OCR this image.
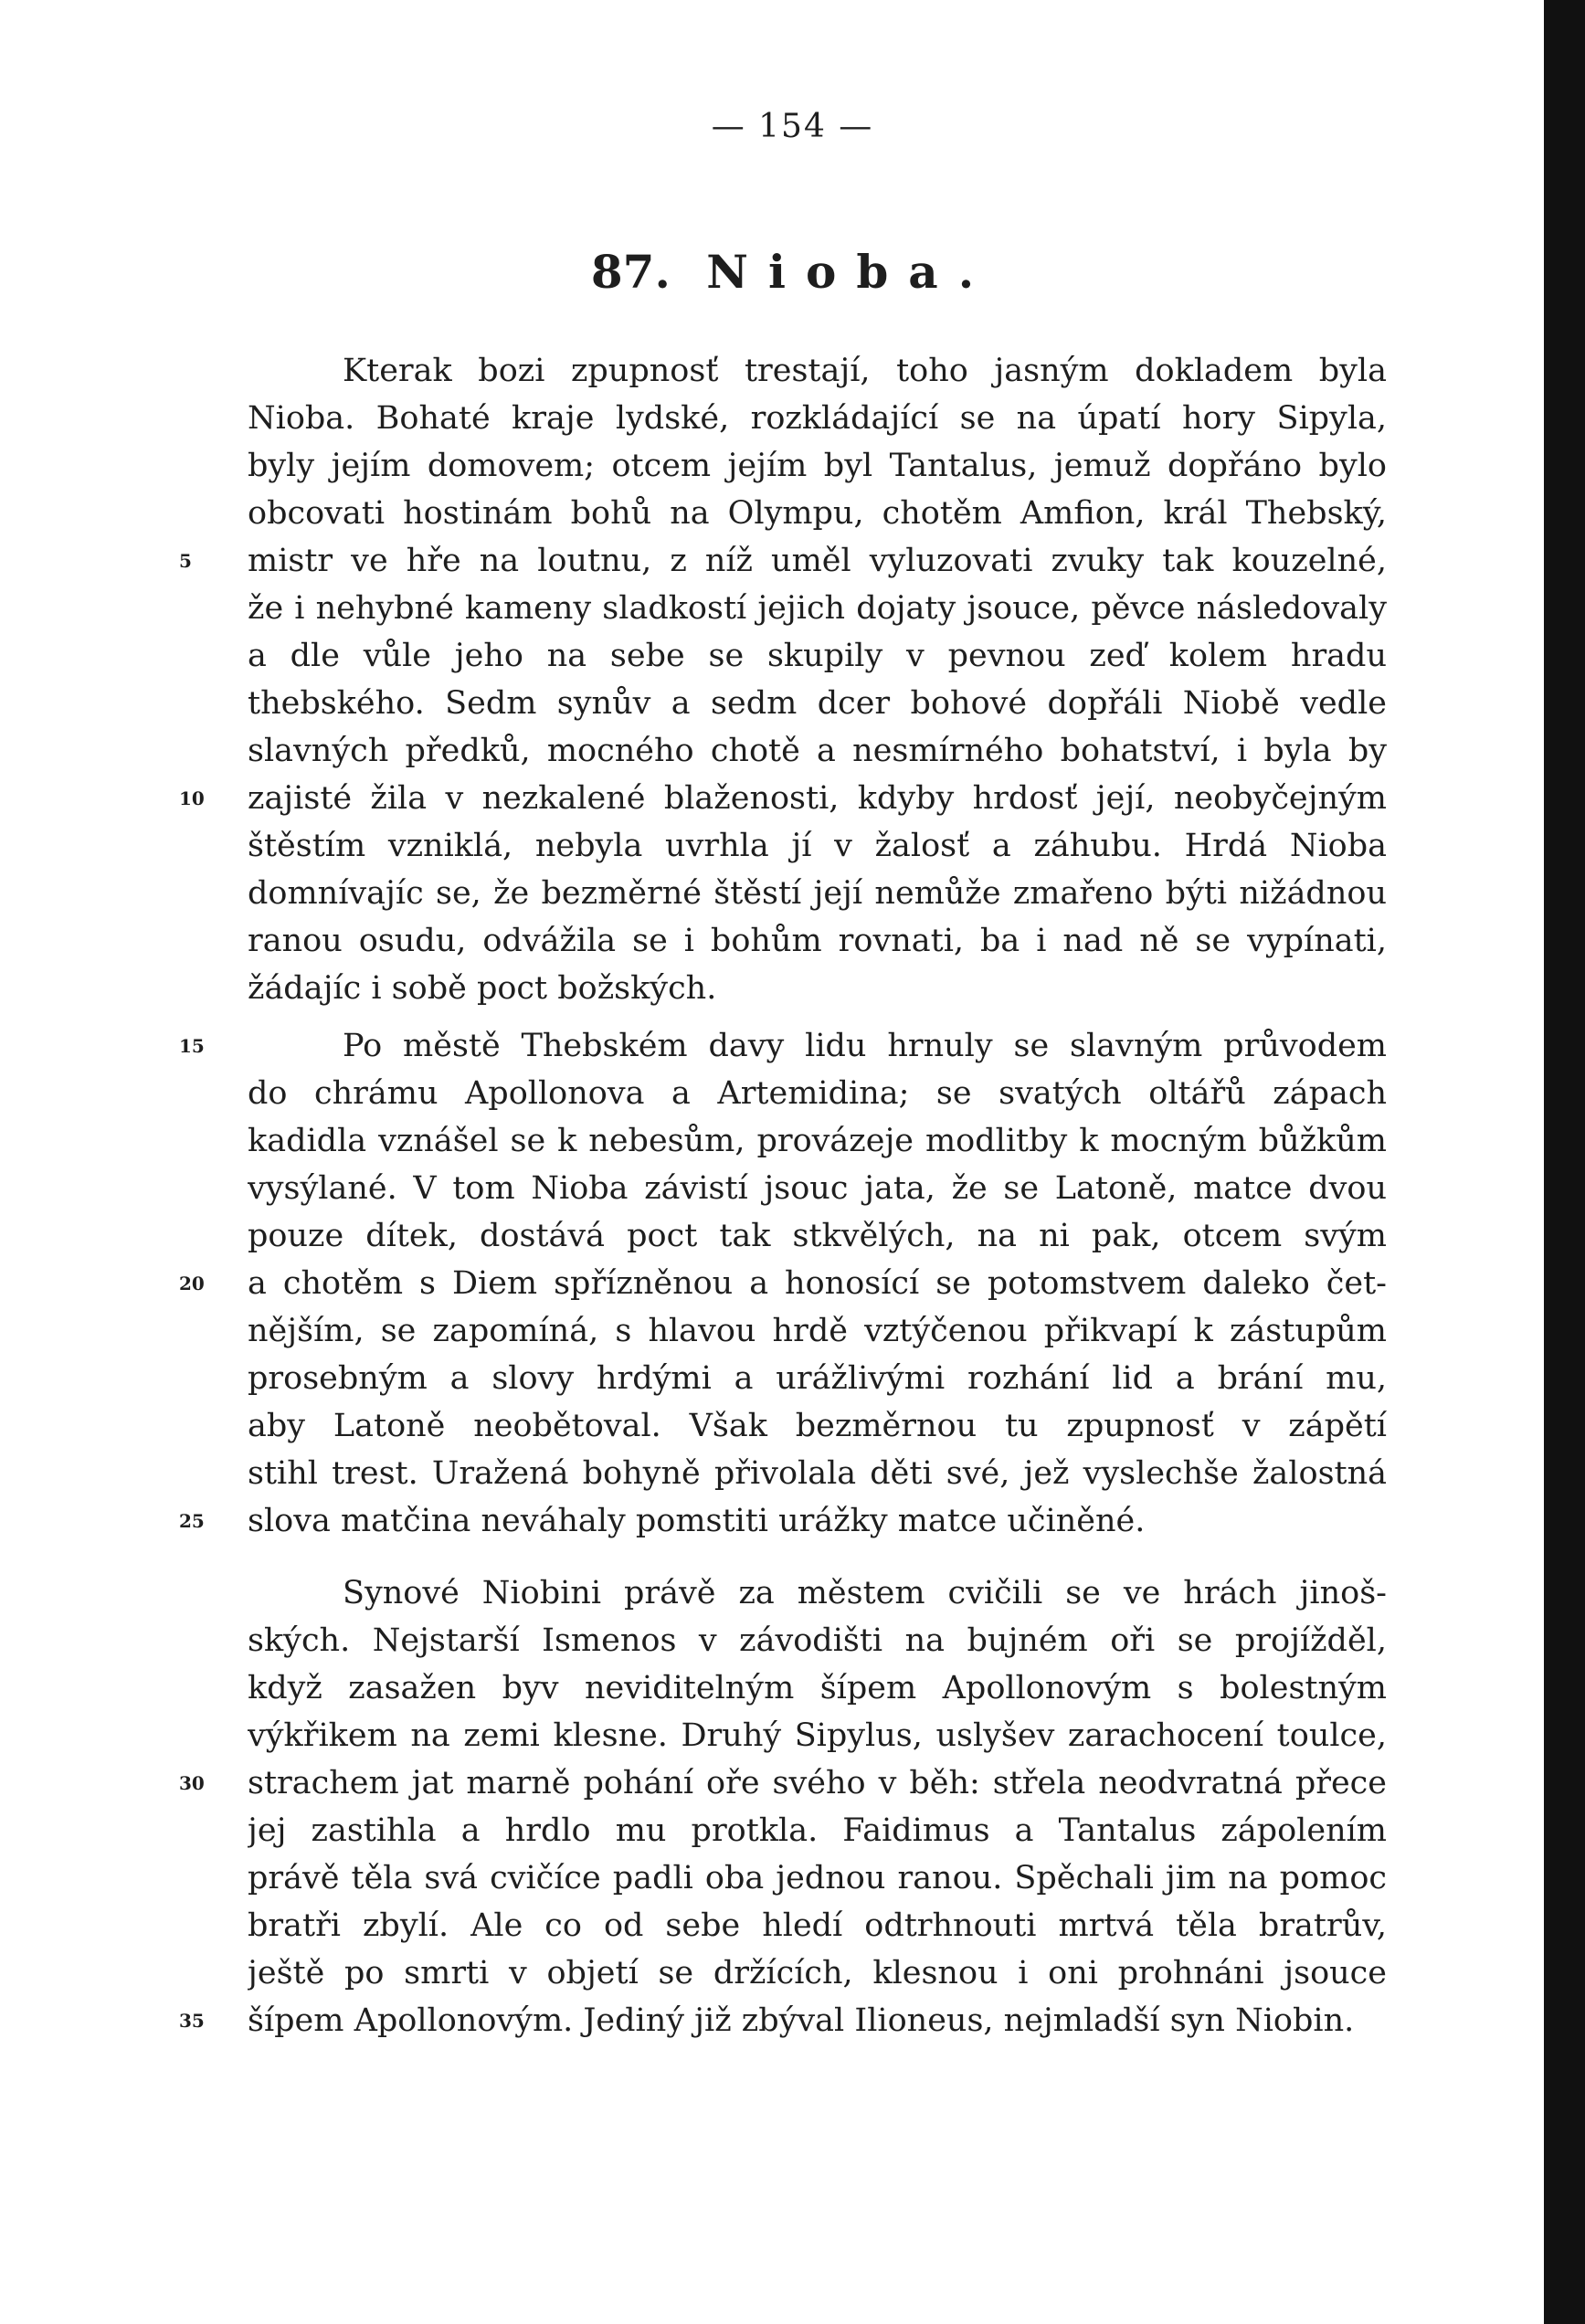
— 154 —
87. Nioba.
Kterak bozi zpupnosť trestají, toho jasným dokladem byla
Nioba. Bohaté kraje lydské, rozkládající se na úpatí hory Sipyla,
byly jejím domovem; otcem jejím byl Tantalus, jemuž dopřáno bylo
obcovati hostinám bohů na Olympu, chotěm Amfion, král Thebský,
mistr ve hře na loutnu, z níž uměl vyluzovati zvuky tak kouzelné,
že i nehybné kameny sladkostí jejich dojaty jsouce, pěvce následovaly
a dle vůle jeho na sebe se skupily v pevnou zeď kolem hradu
thebského. Sedm synův a sedm dcer bohové dopřáli Niobě vedle
slavných předků, mocného chotě a nesmírného bohatství, i byla by
zajisté žila v nezkalené blaženosti, kdyby hrdosť její, neobyčejným
štěstím vzniklá, nebyla uvrhla jí v žalosť a záhubu. Hrdá Nioba
domnívajíc se, že bezměrné štěstí její nemůže zmařeno býti nižádnou
ranou osudu, odvážila se i bohům rovnati, ba i nad ně se vypínati,
žádajíc i sobě poct božských.
Po městě Thebském davy lidu hrnuly se slavným průvodem
do chrámu Apollonova a Artemidina; se svatých oltářů zápach
kadidla vznášel se k nebesům, provázeje modlitby k mocným bůžkům
vysýlané. V tom Nioba závistí jsouc jata, že se Latoně, matce dvou
pouze dítek, dostává poct tak stkvělých, na ni pak, otcem svým
a chotěm s Diem spřízněnou a honosící se potomstvem daleko čet-
nějším, se zapomíná, s hlavou hrdě vztýčenou přikvapí k zástupům
prosebným a slovy hrdými a urážlivými rozhání lid a brání mu,
aby Latoně neobětoval. Však bezměrnou tu zpupnosť v zápětí
stihl trest. Uražená bohyně přivolala děti své, jež vyslechše žalostná
slova matčina neváhaly pomstiti urážky matce učiněné.
Synové Niobini právě za městem cvičili se ve hrách jinoš-
ských. Nejstarší Ismenos v závodišti na bujném oři se projížděl,
když zasažen byv neviditelným šípem Apollonovým s bolestným
výkřikem na zemi klesne. Druhý Sipylus, uslyšev zarachocení toulce,
strachem jat marně pohání oře svého v běh: střela neodvratná přece
jej zastihla a hrdlo mu protkla. Faidimus a Tantalus zápolením
právě těla svá cvičíce padli oba jednou ranou. Spěchali jim na pomoc
bratři zbylí. Ale co od sebe hledí odtrhnouti mrtvá těla bratrův,
ještě po smrti v objetí se držících, klesnou i oni prohnáni jsouce
šípem Apollonovým. Jediný již zbýval Ilioneus, nejmladší syn Niobin.
5
10
15
20
25
30
35
